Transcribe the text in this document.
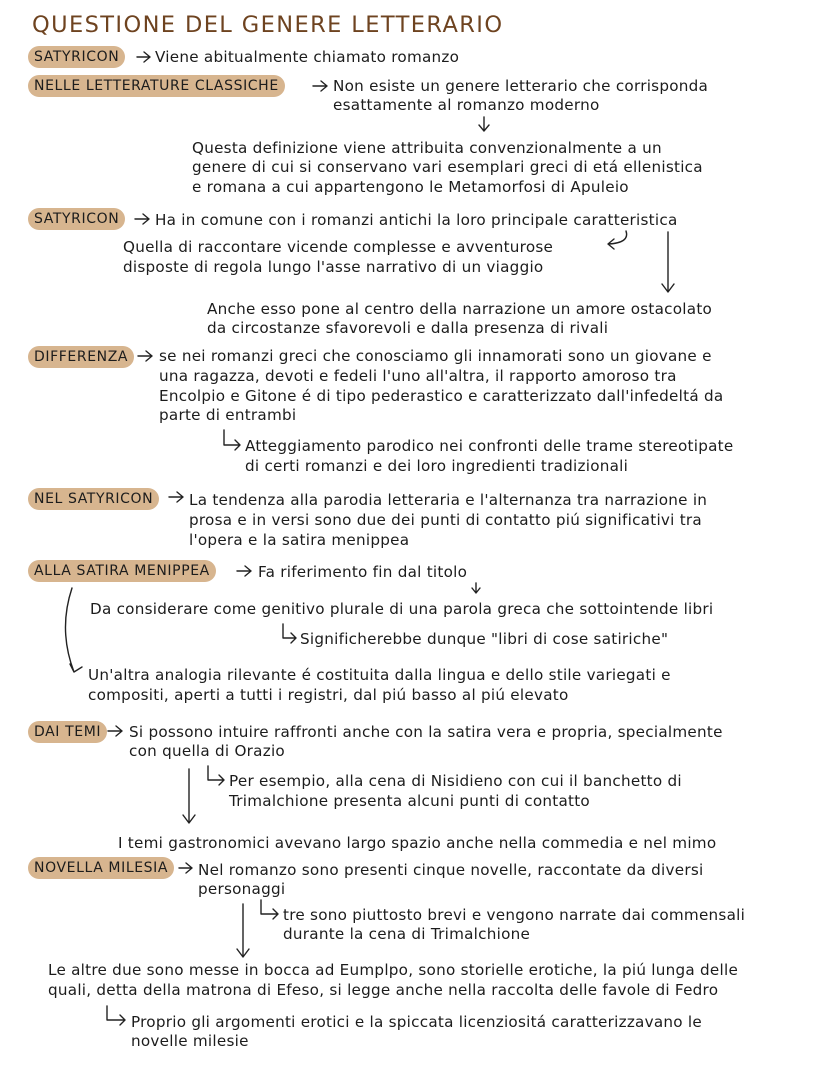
QUESTIONE DEL GENERE LETTERARIO
SATYRICON
NELLE LETTERATURE CLASSICHE
SATYRICON
DIFFERENZA
NEL SATYRICON
ALLA SATIRA MENIPPEA
DAI TEMI
NOVELLA MILESIA
Viene abitualmente chiamato romanzo
Non esiste un genere letterario che corrisponda
esattamente al romanzo moderno
Questa definizione viene attribuita convenzionalmente a un
genere di cui si conservano vari esemplari greci di etá ellenistica
e romana a cui appartengono le Metamorfosi di Apuleio
Ha in comune con i romanzi antichi la loro principale caratteristica
Quella di raccontare vicende complesse e avventurose
disposte di regola lungo l'asse narrativo di un viaggio
Anche esso pone al centro della narrazione un amore ostacolato
da circostanze sfavorevoli e dalla presenza di rivali
se nei romanzi greci che conosciamo gli innamorati sono un giovane e
una ragazza, devoti e fedeli l'uno all'altra, il rapporto amoroso tra
Encolpio e Gitone é di tipo pederastico e caratterizzato dall'infedeltá da
parte di entrambi
Atteggiamento parodico nei confronti delle trame stereotipate
di certi romanzi e dei loro ingredienti tradizionali
La tendenza alla parodia letteraria e l'alternanza tra narrazione in
prosa e in versi sono due dei punti di contatto piú significativi tra
l'opera e la satira menippea
Fa riferimento fin dal titolo
Da considerare come genitivo plurale di una parola greca che sottointende libri
Significherebbe dunque "libri di cose satiriche"
Un'altra analogia rilevante é costituita dalla lingua e dello stile variegati e
compositi, aperti a tutti i registri, dal piú basso al piú elevato
Si possono intuire raffronti anche con la satira vera e propria, specialmente
con quella di Orazio
Per esempio, alla cena di Nisidieno con cui il banchetto di
Trimalchione presenta alcuni punti di contatto
I temi gastronomici avevano largo spazio anche nella commedia e nel mimo
Nel romanzo sono presenti cinque novelle, raccontate da diversi
personaggi
tre sono piuttosto brevi e vengono narrate dai commensali
durante la cena di Trimalchione
Le altre due sono messe in bocca ad Eumplpo, sono storielle erotiche, la piú lunga delle
quali, detta della matrona di Efeso, si legge anche nella raccolta delle favole di Fedro
Proprio gli argomenti erotici e la spiccata licenziositá caratterizzavano le
novelle milesie
